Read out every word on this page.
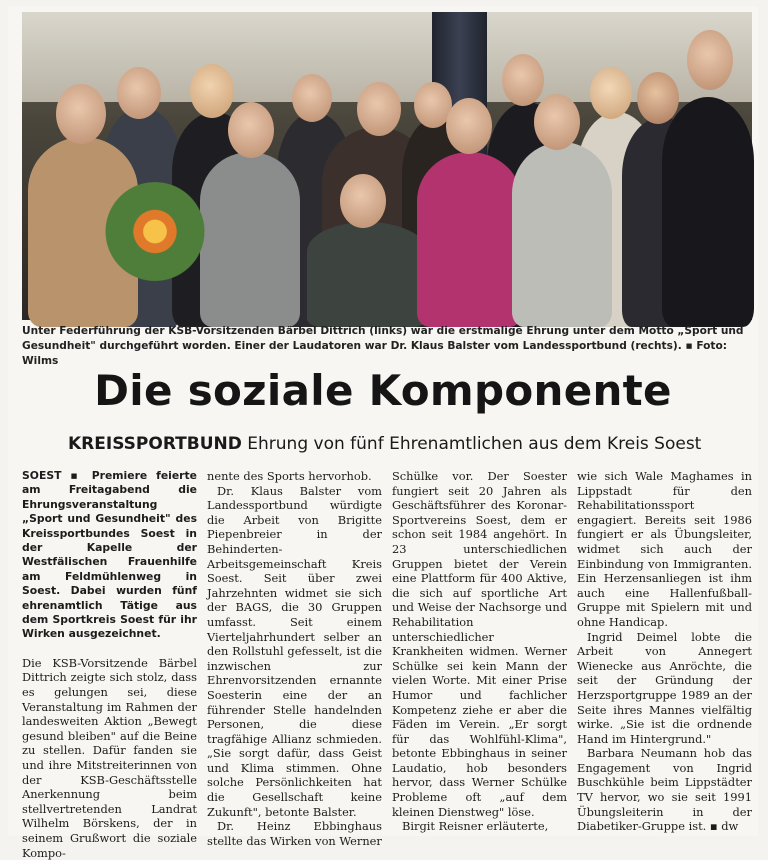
Unter Federführung der KSB-Vorsitzenden Bärbel Dittrich (links) war die erstmalige Ehrung unter dem Motto „Sport und Gesundheit" durchgeführt worden. Einer der Laudatoren war Dr. Klaus Balster vom Landessportbund (rechts). ▪ Foto: Wilms
Die soziale Komponente
KREISSPORTBUND Ehrung von fünf Ehrenamtlichen aus dem Kreis Soest

SOEST ▪ Premiere feierte am Freitagabend die Ehrungsveranstaltung „Sport und Gesundheit" des Kreissportbundes Soest in der Kapelle der Westfälischen Frauenhilfe am Feldmühlenweg in Soest. Dabei wurden fünf ehrenamtlich Tätige aus dem Sportkreis Soest für ihr Wirken ausgezeichnet.

Die KSB-Vorsitzende Bärbel Dittrich zeigte sich stolz, dass es gelungen sei, diese Veranstaltung im Rahmen der landesweiten Aktion „Bewegt gesund bleiben" auf die Beine zu stellen. Dafür fanden sie und ihre Mitstreiterinnen von der KSB-Geschäftsstelle Anerkennung beim stellvertretenden Landrat Wilhelm Börskens, der in seinem Grußwort die soziale Kompo-

nente des Sports hervorhob.

Dr. Klaus Balster vom Landessportbund würdigte die Arbeit von Brigitte Piepenbreier in der Behinderten-Arbeitsgemeinschaft Kreis Soest. Seit über zwei Jahrzehnten widmet sie sich der BAGS, die 30 Gruppen umfasst. Seit einem Vierteljahrhundert selber an den Rollstuhl gefesselt, ist die inzwischen zur Ehrenvorsitzenden ernannte Soesterin eine der an führender Stelle handelnden Personen, die diese tragfähige Allianz schmieden. „Sie sorgt dafür, dass Geist und Klima stimmen. Ohne solche Persönlichkeiten hat die Gesellschaft keine Zukunft", betonte Balster.

Dr. Heinz Ebbinghaus stellte das Wirken von Werner

Schülke vor. Der Soester fungiert seit 20 Jahren als Geschäftsführer des Koronar-Sportvereins Soest, dem er schon seit 1984 angehört. In 23 unterschiedlichen Gruppen bietet der Verein eine Plattform für 400 Aktive, die sich auf sportliche Art und Weise der Nachsorge und Rehabilitation unterschiedlicher Krankheiten widmen. Werner Schülke sei kein Mann der vielen Worte. Mit einer Prise Humor und fachlicher Kompetenz ziehe er aber die Fäden im Verein. „Er sorgt für das Wohlfühl-Klima", betonte Ebbinghaus in seiner Laudatio, hob besonders hervor, dass Werner Schülke Probleme oft „auf dem kleinen Dienstweg" löse.

Birgit Reisner erläuterte,

wie sich Wale Maghames in Lippstadt für den Rehabilitationssport engagiert. Bereits seit 1986 fungiert er als Übungsleiter, widmet sich auch der Einbindung von Immigranten. Ein Herzensanliegen ist ihm auch eine Hallenfußball-Gruppe mit Spielern mit und ohne Handicap.

Ingrid Deimel lobte die Arbeit von Annegert Wienecke aus Anröchte, die seit der Gründung der Herzsportgruppe 1989 an der Seite ihres Mannes vielfältig wirke. „Sie ist die ordnende Hand im Hintergrund."

Barbara Neumann hob das Engagement von Ingrid Buschkühle beim Lippstädter TV hervor, wo sie seit 1991 Übungsleiterin in der Diabetiker-Gruppe ist. ▪ dw
